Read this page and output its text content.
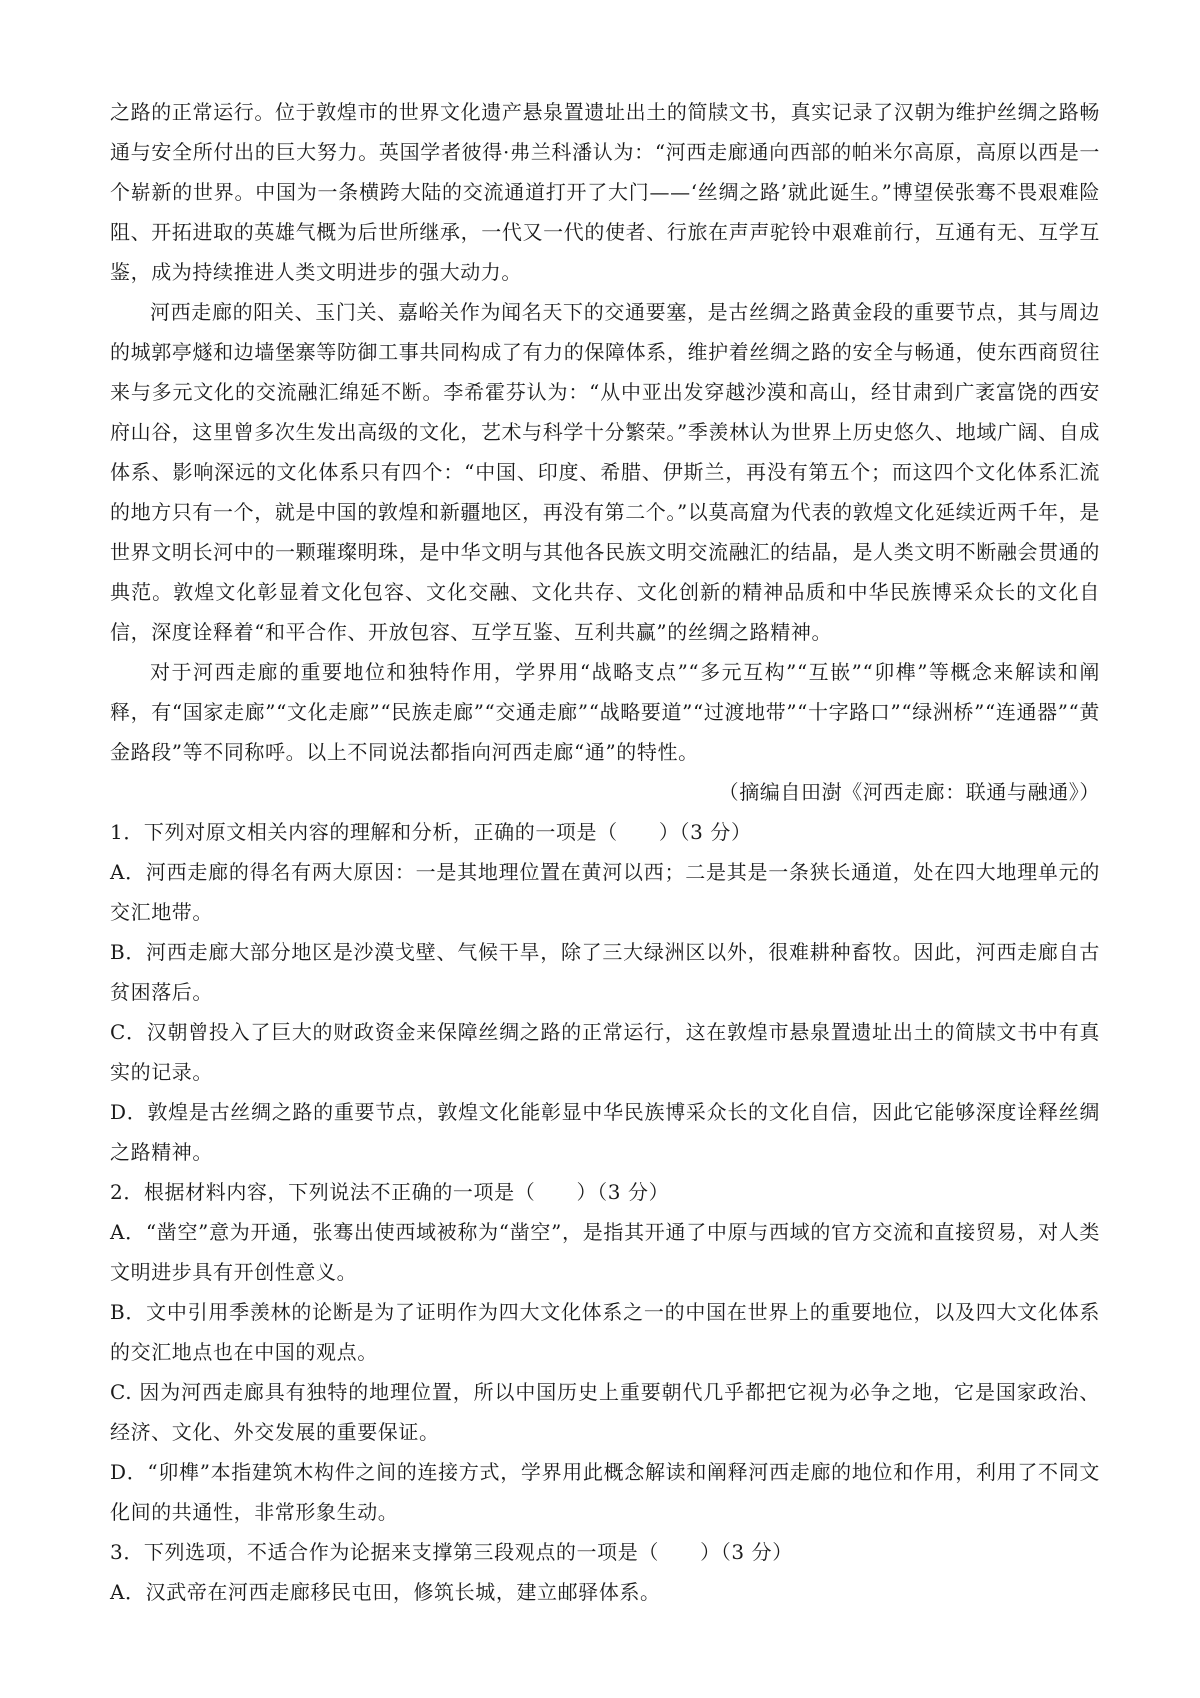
之路的正常运行。位于敦煌市的世界文化遗产悬泉置遗址出土的简牍文书，真实记录了汉朝为维护丝绸之路畅通与安全所付出的巨大努力。英国学者彼得·弗兰科潘认为：“河西走廊通向西部的帕米尔高原，高原以西是一个崭新的世界。中国为一条横跨大陆的交流通道打开了大门——‘丝绸之路’就此诞生。”博望侯张骞不畏艰难险阻、开拓进取的英雄气概为后世所继承，一代又一代的使者、行旅在声声驼铃中艰难前行，互通有无、互学互鉴，成为持续推进人类文明进步的强大动力。

河西走廊的阳关、玉门关、嘉峪关作为闻名天下的交通要塞，是古丝绸之路黄金段的重要节点，其与周边的城郭亭燧和边墙堡寨等防御工事共同构成了有力的保障体系，维护着丝绸之路的安全与畅通，使东西商贸往来与多元文化的交流融汇绵延不断。李希霍芬认为：“从中亚出发穿越沙漠和高山，经甘肃到广袤富饶的西安府山谷，这里曾多次生发出高级的文化，艺术与科学十分繁荣。”季羡林认为世界上历史悠久、地域广阔、自成体系、影响深远的文化体系只有四个：“中国、印度、希腊、伊斯兰，再没有第五个；而这四个文化体系汇流的地方只有一个，就是中国的敦煌和新疆地区，再没有第二个。”以莫高窟为代表的敦煌文化延续近两千年，是世界文明长河中的一颗璀璨明珠，是中华文明与其他各民族文明交流融汇的结晶，是人类文明不断融会贯通的典范。敦煌文化彰显着文化包容、文化交融、文化共存、文化创新的精神品质和中华民族博采众长的文化自信，深度诠释着“和平合作、开放包容、互学互鉴、互利共赢”的丝绸之路精神。

对于河西走廊的重要地位和独特作用，学界用“战略支点”“多元互构”“互嵌”“卯榫”等概念来解读和阐释，有“国家走廊”“文化走廊”“民族走廊”“交通走廊”“战略要道”“过渡地带”“十字路口”“绿洲桥”“连通器”“黄金路段”等不同称呼。以上不同说法都指向河西走廊“通”的特性。

（摘编自田澍《河西走廊：联通与融通》）

1．下列对原文相关内容的理解和分析，正确的一项是（　　）（3 分）

A．河西走廊的得名有两大原因：一是其地理位置在黄河以西；二是其是一条狭长通道，处在四大地理单元的交汇地带。

B．河西走廊大部分地区是沙漠戈壁、气候干旱，除了三大绿洲区以外，很难耕种畜牧。因此，河西走廊自古贫困落后。

C．汉朝曾投入了巨大的财政资金来保障丝绸之路的正常运行，这在敦煌市悬泉置遗址出土的简牍文书中有真实的记录。

D．敦煌是古丝绸之路的重要节点，敦煌文化能彰显中华民族博采众长的文化自信，因此它能够深度诠释丝绸之路精神。

2．根据材料内容，下列说法不正确的一项是（　　）（3 分）

A．“凿空”意为开通，张骞出使西域被称为“凿空”，是指其开通了中原与西域的官方交流和直接贸易，对人类文明进步具有开创性意义。

B．文中引用季羡林的论断是为了证明作为四大文化体系之一的中国在世界上的重要地位，以及四大文化体系的交汇地点也在中国的观点。

C. 因为河西走廊具有独特的地理位置，所以中国历史上重要朝代几乎都把它视为必争之地，它是国家政治、经济、文化、外交发展的重要保证。

D．“卯榫”本指建筑木构件之间的连接方式，学界用此概念解读和阐释河西走廊的地位和作用，利用了不同文化间的共通性，非常形象生动。

3．下列选项，不适合作为论据来支撑第三段观点的一项是（　　）（3 分）

A．汉武帝在河西走廊移民屯田，修筑长城，建立邮驿体系。
